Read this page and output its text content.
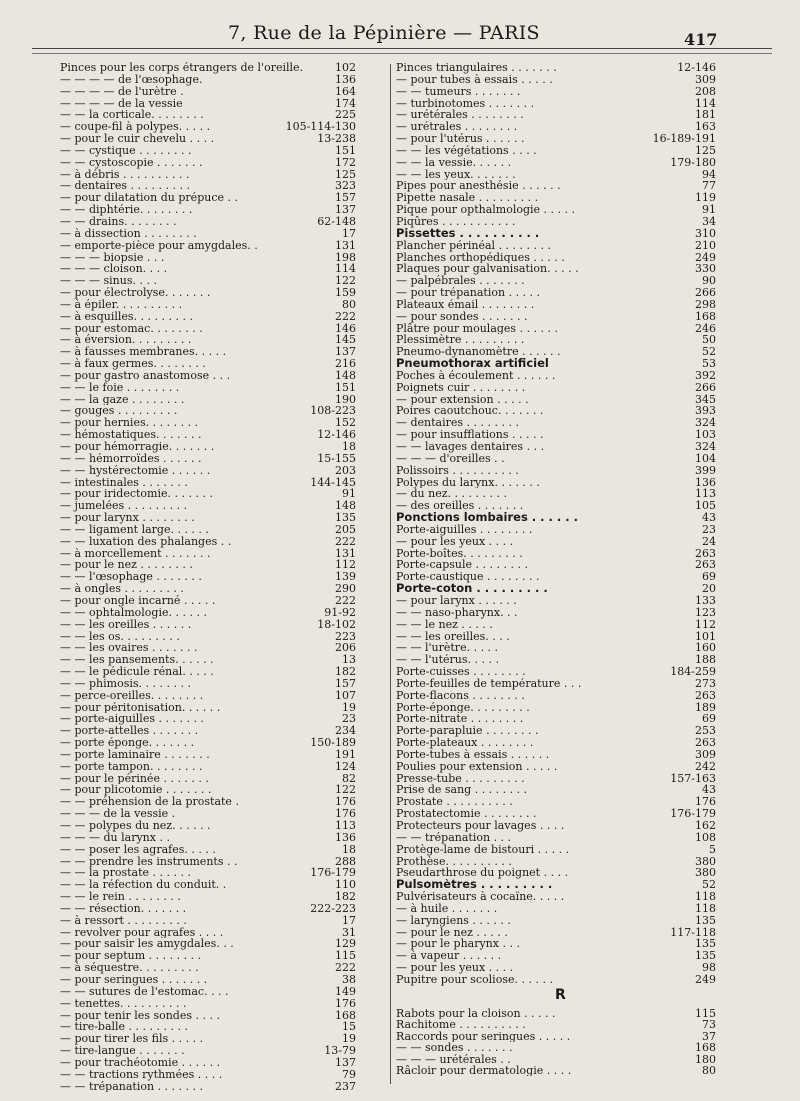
7, Rue de la Pépinière — PARIS	417
Pinces pour les corps étrangers de l'oreille.	102
— — — — de l'œsophage.	136
— — — — de l'urètre .	164
— — — — de la vessie	174
— — la corticale. . . . . . . .	225
— coupe-fil à polypes. . . . .	105-114-130
— pour le cuir chevelu . . . .	13-238
— — cystique . . . . . . . .	151
— — cystoscopie . . . . . . .	172
— à débris . . . . . . . . . .	125
— dentaires . . . . . . . . .	323
— pour dilatation du prépuce . .	157
— — diphtérie. . . . . . . .	137
— — drains. . . . . . . .	62-148
— à dissection . . . . . . . .	17
— emporte-pièce pour amygdales. .	131
— — — biopsie . . .	198
— — — cloison. . . .	114
— — — sinus. . . .	122
— pour électrolyse. . . . . . .	159
— à épiler. . . . . . . . . .	80
— à esquilles. . . . . . . . .	222
— pour estomac. . . . . . . .	146
— à éversion. . . . . . . . .	145
— à fausses membranes. . . . .	137
— à faux germes. . . . . . . .	216
— pour gastro anastomose . . .	148
— — le foie . . . . . . . .	151
— — la gaze . . . . . . . .	190
— gouges . . . . . . . . .	108-223
— pour hernies. . . . . . . .	152
— hémostatiques. . . . . . .	12-146
— pour hémorragie. . . . . . .	18
— — hémorroïdes . . . . . .	15-155
— — hystérectomie . . . . . .	203
— intestinales . . . . . . .	144-145
— pour iridectomie. . . . . . .	91
— jumelées . . . . . . . . .	148
— pour larynx . . . . . . . .	135
— — ligament large. . . . . .	205
— — luxation des phalanges . .	222
— à morcellement . . . . . . .	131
— pour le nez . . . . . . . .	112
— — l'œsophage . . . . . . .	139
— à ongles . . . . . . . . .	290
— pour ongle incarné . . . . .	222
— — ophtalmologie. . . . . .	91-92
— — les oreilles . . . . . .	18-102
— — les os. . . . . . . . .	223
— — les ovaires . . . . . . .	206
— — les pansements. . . . . .	13
— — le pédicule rénal. . . . .	182
— — phimosis. . . . . . . .	157
— perce-oreilles. . . . . . . .	107
— pour péritonisation. . . . . .	19
— porte-aiguilles . . . . . . .	23
— porte-attelles . . . . . . .	234
— porte éponge. . . . . . .	150-189
— porte laminaire . . . . . . .	191
— porte tampon. . . . . . . .	124
— pour le périnée . . . . . . .	82
— pour plicotomie . . . . . . .	122
— — préhension de la prostate .	176
— — — de la vessie .	176
— — polypes du nez. . . . . .	113
— — — du larynx . .	136
— — poser les agrafes. . . . .	18
— — prendre les instruments . .	288
— — la prostate . . . . . .	176-179
— — la réfection du conduit. .	110
— — le rein . . . . . . . .	182
— — résection. . . . . . .	222-223
— à ressort . . . . . . . . .	17
— revolver pour agrafes . . . .	31
— pour saisir les amygdales. . .	129
— pour septum . . . . . . . .	115
— à séquestre. . . . . . . . .	222
— pour seringues . . . . . . .	38
— — sutures de l'estomac. . . .	149
— tenettes. . . . . . . . . .	176
— pour tenir les sondes . . . .	168
— tire-balle . . . . . . . . .	15
— pour tirer les fils . . . . .	19
— tire-langue . . . . . . .	13-79
— pour trachéotomie . . . . . .	137
— — tractions rythmées . . . .	79
— — trépanation . . . . . . .	237
Pinces triangulaires . . . . . . .	12-146
— pour tubes à essais . . . . .	309
— — tumeurs . . . . . . .	208
— turbinotomes . . . . . . .	114
— urétérales . . . . . . . .	181
— urétrales . . . . . . . .	163
— pour l'utérus . . . . . .	16-189-191
— — les végétations . . . .	125
— — la vessie. . . . . .	179-180
— — les yeux. . . . . . .	94
Pipes pour anesthésie . . . . . .	77
Pipette nasale . . . . . . . . .	119
Pique pour opthalmologie . . . . .	91
Piqûres . . . . . . . . . . .	34
Pissettes . . . . . . . . . .	310
Plancher périnéal . . . . . . . .	210
Planches orthopédiques . . . . .	249
Plaques pour galvanisation. . . . .	330
— palpébrales . . . . . . .	90
— pour trépanation . . . . .	266
Plateaux émail . . . . . . . .	298
— pour sondes . . . . . . .	168
Plâtre pour moulages . . . . . .	246
Plessimètre . . . . . . . . .	50
Pneumo-dynanomètre . . . . . .	52
Pneumothorax artificiel	53
Poches à écoulement . . . . . .	392
Poignets cuir . . . . . . . .	266
— pour extension . . . . .	345
Poires caoutchouc. . . . . . .	393
— dentaires . . . . . . . .	324
— pour insufflations . . . . .	103
— — lavages dentaires . . .	324
— — — d'oreilles . .	104
Polissoirs . . . . . . . . . .	399
Polypes du larynx. . . . . . .	136
— du nez. . . . . . . . .	113
— des oreilles . . . . . . .	105
Ponctions lombaires . . . . . .	43
Porte-aiguilles . . . . . . . .	23
— pour les yeux . . . .	24
Porte-boîtes. . . . . . . . .	263
Porte-capsule . . . . . . . .	263
Porte-caustique . . . . . . . .	69
Porte-coton . . . . . . . . .	20
— pour larynx . . . . . .	133
— — naso-pharynx. . .	123
— — le nez . . . . .	112
— — les oreilles. . . .	101
— — l'urètre. . . . .	160
— — l'utérus. . . . .	188
Porte-cuisses . . . . . . . .	184-259
Porte-feuilles de température . . .	273
Porte-flacons . . . . . . . .	263
Porte-éponge. . . . . . . . .	189
Porte-nitrate . . . . . . . .	69
Porte-parapluie . . . . . . . .	253
Porte-plateaux . . . . . . . .	263
Porte-tubes à essais . . . . . .	309
Poulies pour extension . . . . .	242
Presse-tube . . . . . . . . .	157-163
Prise de sang . . . . . . . .	43
Prostate . . . . . . . . . .	176
Prostatectomie . . . . . . . .	176-179
Protecteurs pour lavages . . . .	162
— — trépanation . . .	108
Protège-lame de bistouri . . . . .	5
Prothèse. . . . . . . . . .	380
Pseudarthrose du poignet . . . .	380
Pulsomètres . . . . . . . . .	52
Pulvérisateurs à cocaïne. . . . .	118
— à huile . . . . . . .	118
— laryngiens . . . . . .	135
— pour le nez . . . . .	117-118
— pour le pharynx . . .	135
— à vapeur . . . . . .	135
— pour les yeux . . . .	98
Pupitre pour scoliose. . . . . .	249
R
Rabots pour la cloison . . . . .	115
Rachitome . . . . . . . . . .	73
Raccords pour seringues . . . . .	37
— — sondes . . . . . . .	168
— — — urétérales . .	180
Râcloir pour dermatologie . . . .	80
